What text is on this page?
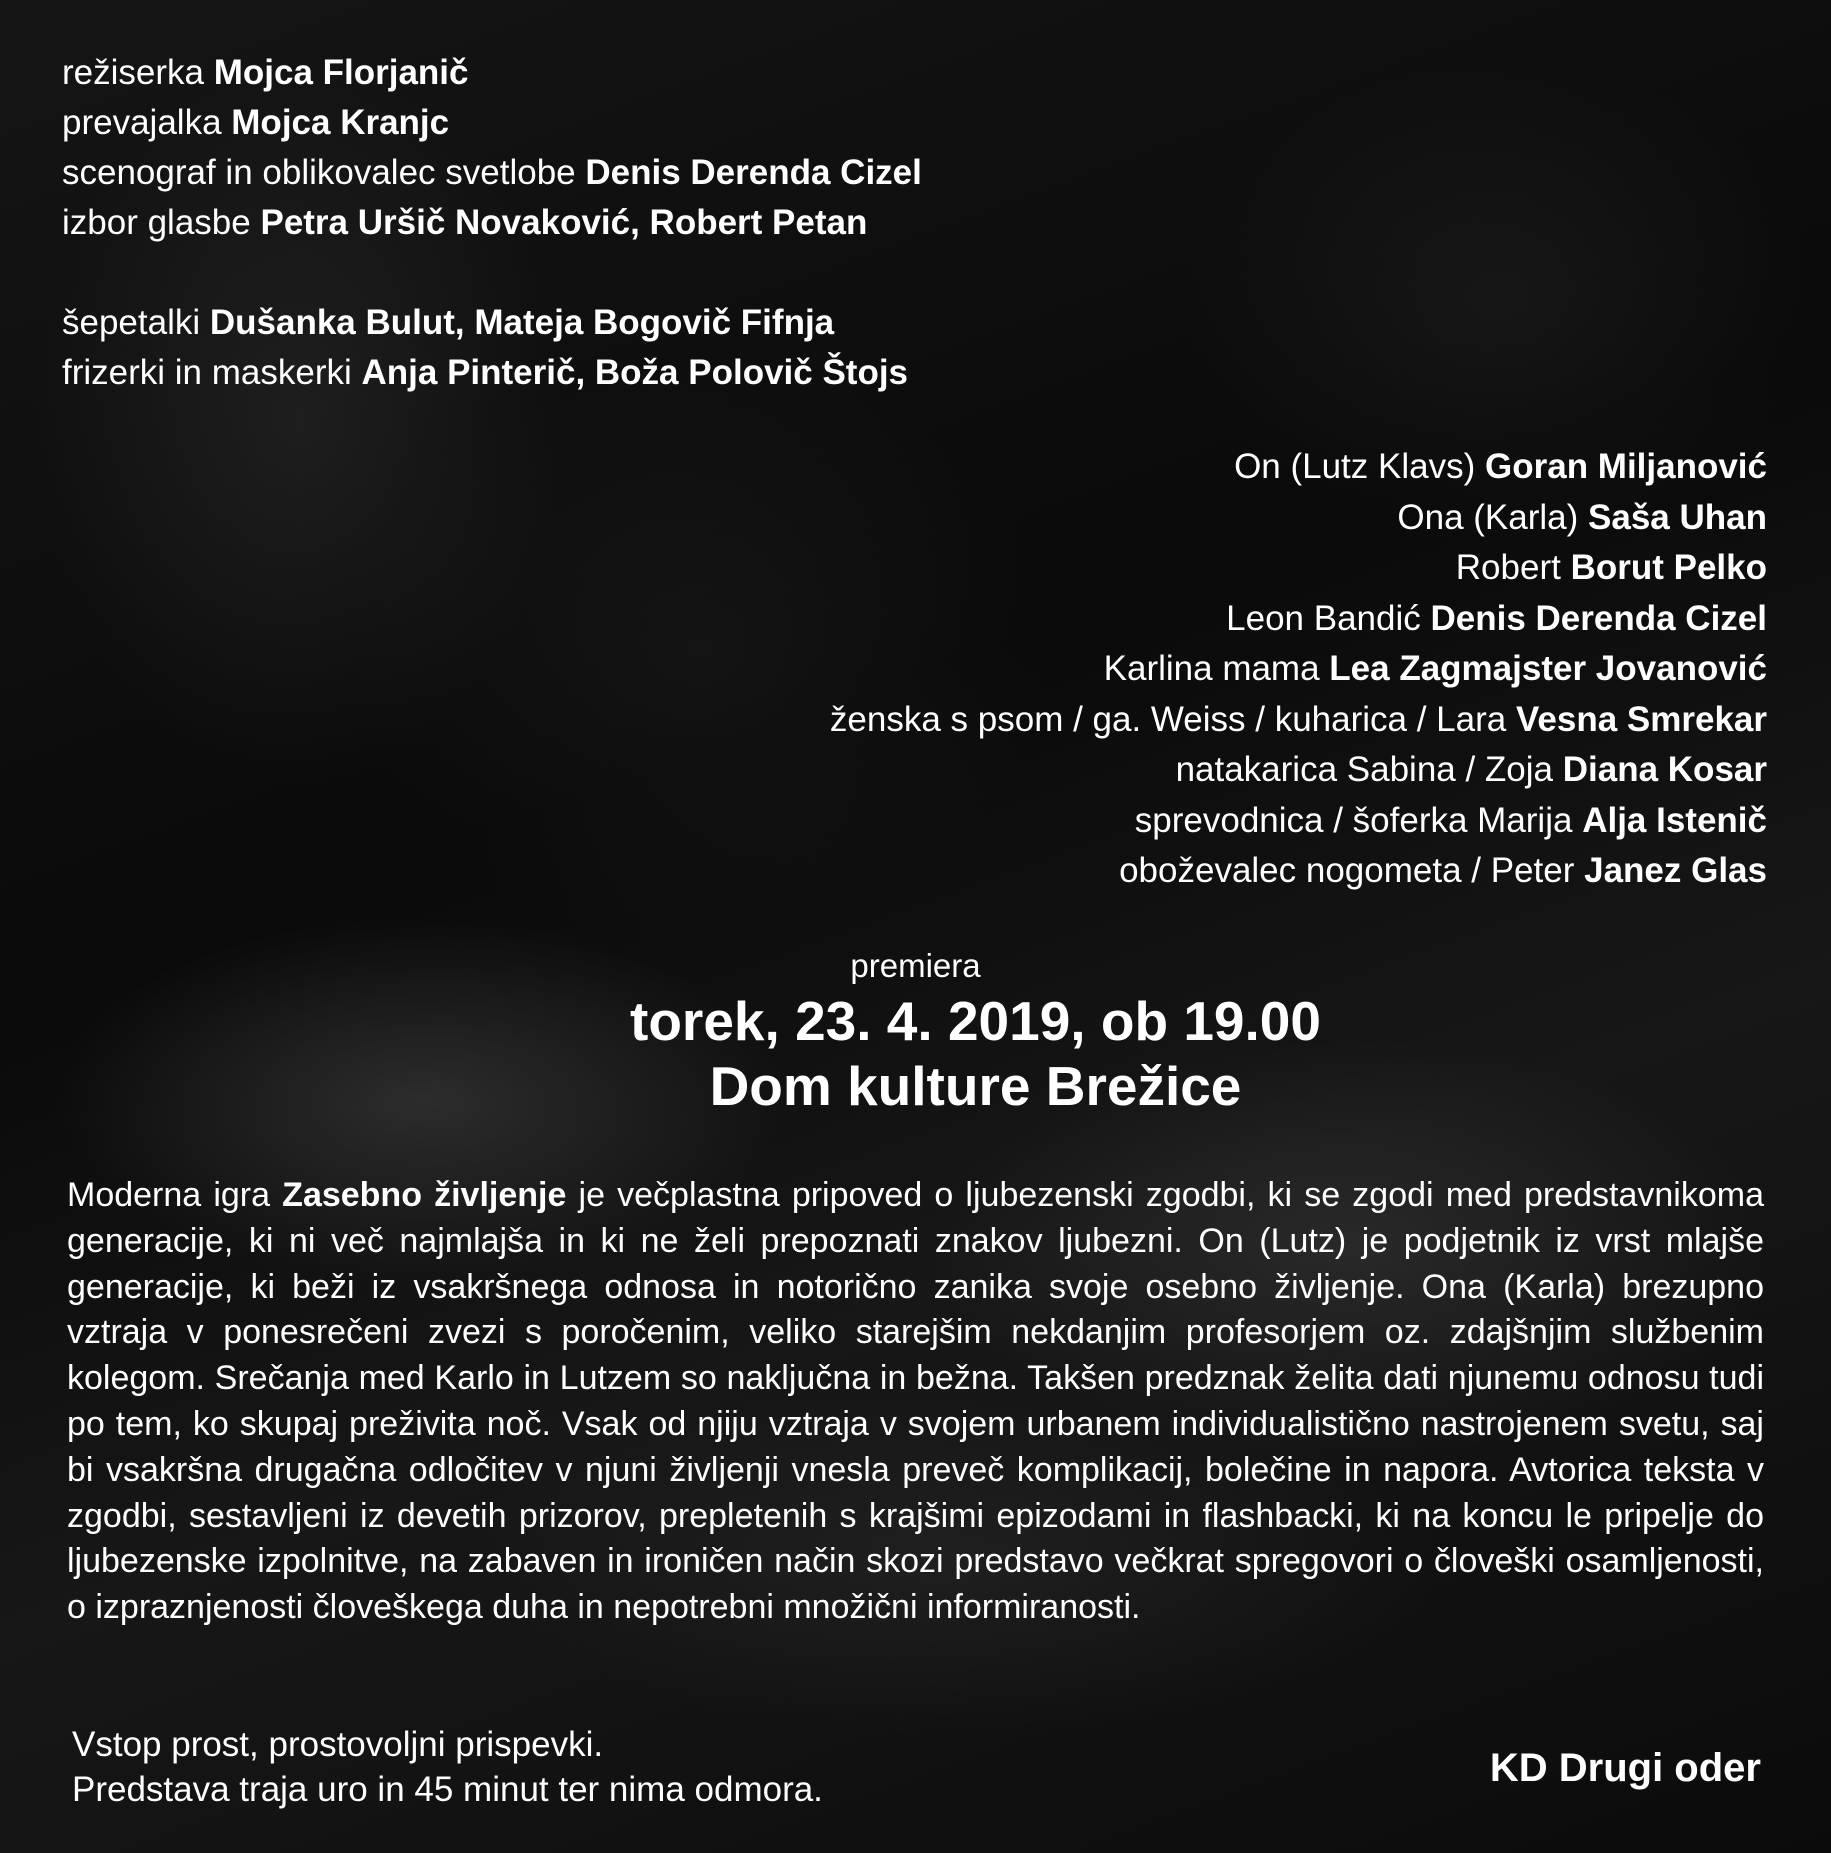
režiserka Mojca Florjanič
prevajalka Mojca Kranjc
scenograf in oblikovalec svetlobe Denis Derenda Cizel
izbor glasbe Petra Uršič Novaković, Robert Petan
šepetalki Dušanka Bulut, Mateja Bogovič Fifnja
frizerki in maskerki Anja Pinterič, Boža Polovič Štojs
On (Lutz Klavs) Goran Miljanović
Ona (Karla) Saša Uhan
Robert Borut Pelko
Leon Bandić Denis Derenda Cizel
Karlina mama Lea Zagmajster Jovanović
ženska s psom / ga. Weiss / kuharica / Lara Vesna Smrekar
natakarica Sabina / Zoja Diana Kosar
sprevodnica / šoferka Marija Alja Istenič
oboževalec nogometa / Peter Janez Glas
premiera
torek, 23. 4. 2019, ob 19.00
Dom kulture Brežice
Moderna igra Zasebno življenje je večplastna pripoved o ljubezenski zgodbi, ki se zgodi med predstavnikoma generacije, ki ni več najmlajša in ki ne želi prepoznati znakov ljubezni. On (Lutz) je podjetnik iz vrst mlajše generacije, ki beži iz vsakršnega odnosa in notorično zanika svoje osebno življenje. Ona (Karla) brezupno vztraja v ponesrečeni zvezi s poročenim, veliko starejšim nekdanjim profesorjem oz. zdajšnjim službenim kolegom. Srečanja med Karlo in Lutzem so naključna in bežna. Takšen predznak želita dati njunemu odnosu tudi po tem, ko skupaj preživita noč. Vsak od njiju vztraja v svojem urbanem individualistično nastrojenem svetu, saj bi vsakršna drugačna odločitev v njuni življenji vnesla preveč komplikacij, bolečine in napora. Avtorica teksta v zgodbi, sestavljeni iz devetih prizorov, prepletenih s krajšimi epizodami in flashbacki, ki na koncu le pripelje do ljubezenske izpolnitve, na zabaven in ironičen način skozi predstavo večkrat spregovori o človeški osamljenosti, o izpraznjenosti človeškega duha in nepotrebni množični informiranosti.
Vstop prost, prostovoljni prispevki.
Predstava traja uro in 45 minut ter nima odmora.	KD Drugi oder
